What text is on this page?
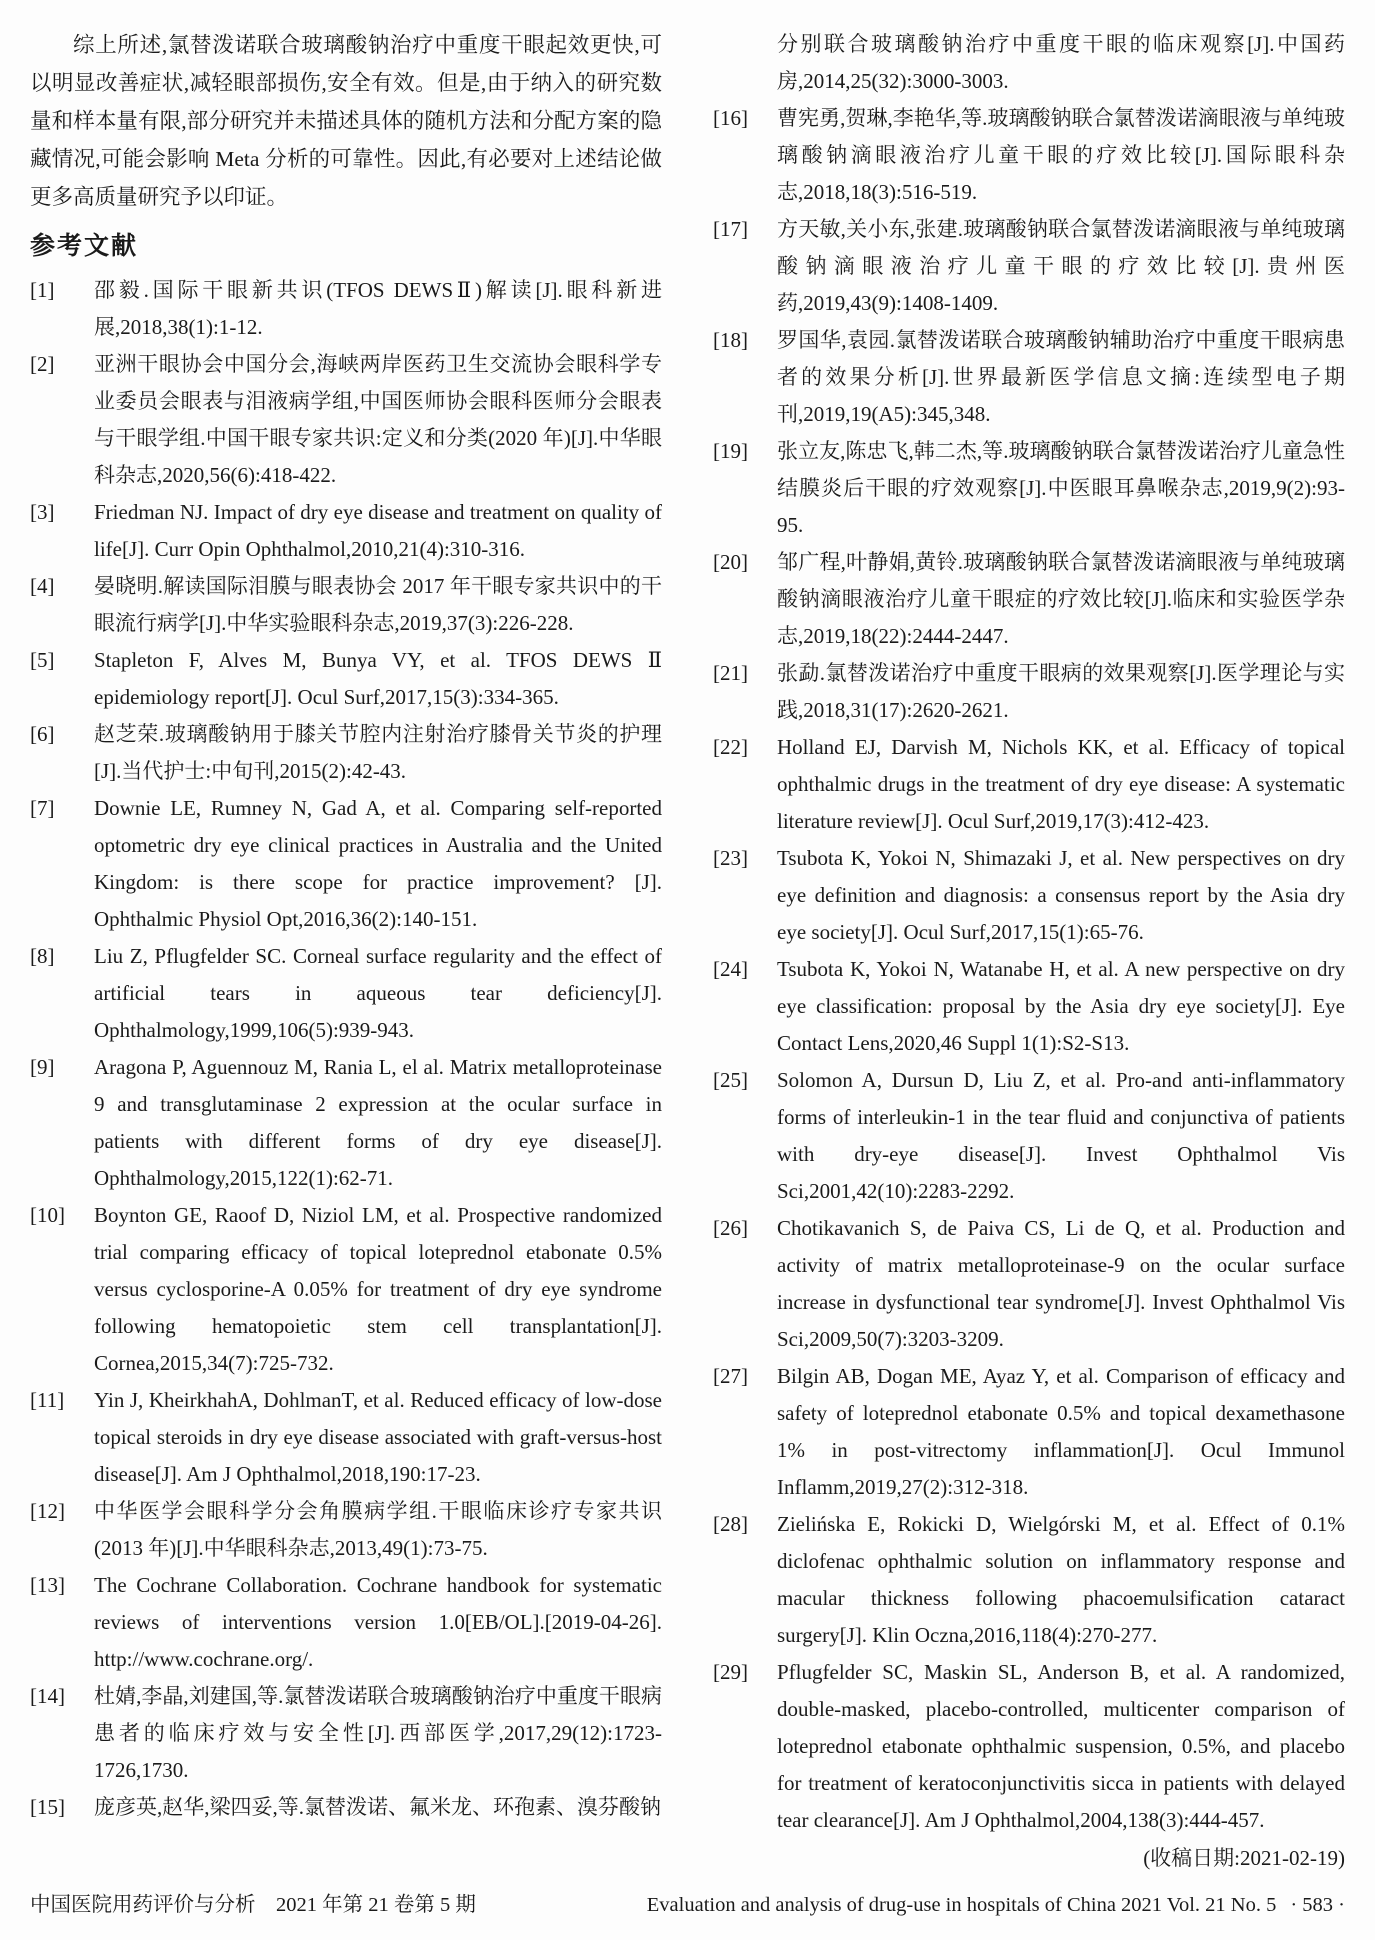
综上所述,氯替泼诺联合玻璃酸钠治疗中重度干眼起效更快,可以明显改善症状,减轻眼部损伤,安全有效。但是,由于纳入的研究数量和样本量有限,部分研究并未描述具体的随机方法和分配方案的隐藏情况,可能会影响 Meta 分析的可靠性。因此,有必要对上述结论做更多高质量研究予以印证。

参考文献
[1]	邵毅.国际干眼新共识(TFOS DEWSⅡ)解读[J].眼科新进展,2018,38(1):1-12.
[2]	亚洲干眼协会中国分会,海峡两岸医药卫生交流协会眼科学专业委员会眼表与泪液病学组,中国医师协会眼科医师分会眼表与干眼学组.中国干眼专家共识:定义和分类(2020 年)[J].中华眼科杂志,2020,56(6):418-422.
[3]	Friedman NJ. Impact of dry eye disease and treatment on quality of life[J]. Curr Opin Ophthalmol,2010,21(4):310-316.
[4]	晏晓明.解读国际泪膜与眼表协会 2017 年干眼专家共识中的干眼流行病学[J].中华实验眼科杂志,2019,37(3):226-228.
[5]	Stapleton F, Alves M, Bunya VY, et al. TFOS DEWS Ⅱ epidemiology report[J]. Ocul Surf,2017,15(3):334-365.
[6]	赵芝荣.玻璃酸钠用于膝关节腔内注射治疗膝骨关节炎的护理[J].当代护士:中旬刊,2015(2):42-43.
[7]	Downie LE, Rumney N, Gad A, et al. Comparing self-reported optometric dry eye clinical practices in Australia and the United Kingdom: is there scope for practice improvement? [J]. Ophthalmic Physiol Opt,2016,36(2):140-151.
[8]	Liu Z, Pflugfelder SC. Corneal surface regularity and the effect of artificial tears in aqueous tear deficiency[J]. Ophthalmology,1999,106(5):939-943.
[9]	Aragona P, Aguennouz M, Rania L, el al. Matrix metalloproteinase 9 and transglutaminase 2 expression at the ocular surface in patients with different forms of dry eye disease[J]. Ophthalmology,2015,122(1):62-71.
[10]	Boynton GE, Raoof D, Niziol LM, et al. Prospective randomized trial comparing efficacy of topical loteprednol etabonate 0.5% versus cyclosporine-A 0.05% for treatment of dry eye syndrome following hematopoietic stem cell transplantation[J]. Cornea,2015,34(7):725-732.
[11]	Yin J, KheirkhahA, DohlmanT, et al. Reduced efficacy of low-dose topical steroids in dry eye disease associated with graft-versus-host disease[J]. Am J Ophthalmol,2018,190:17-23.
[12]	中华医学会眼科学分会角膜病学组.干眼临床诊疗专家共识(2013 年)[J].中华眼科杂志,2013,49(1):73-75.
[13]	The Cochrane Collaboration. Cochrane handbook for systematic reviews of interventions version 1.0[EB/OL].[2019-04-26]. http://www.cochrane.org/.
[14]	杜婧,李晶,刘建国,等.氯替泼诺联合玻璃酸钠治疗中重度干眼病患者的临床疗效与安全性[J].西部医学,2017,29(12):1723-1726,1730.
[15]	庞彦英,赵华,梁四妥,等.氯替泼诺、氟米龙、环孢素、溴芬酸钠
分别联合玻璃酸钠治疗中重度干眼的临床观察[J].中国药房,2014,25(32):3000-3003.
[16]	曹宪勇,贺琳,李艳华,等.玻璃酸钠联合氯替泼诺滴眼液与单纯玻璃酸钠滴眼液治疗儿童干眼的疗效比较[J].国际眼科杂志,2018,18(3):516-519.
[17]	方天敏,关小东,张建.玻璃酸钠联合氯替泼诺滴眼液与单纯玻璃酸钠滴眼液治疗儿童干眼的疗效比较[J].贵州医药,2019,43(9):1408-1409.
[18]	罗国华,袁园.氯替泼诺联合玻璃酸钠辅助治疗中重度干眼病患者的效果分析[J].世界最新医学信息文摘:连续型电子期刊,2019,19(A5):345,348.
[19]	张立友,陈忠飞,韩二杰,等.玻璃酸钠联合氯替泼诺治疗儿童急性结膜炎后干眼的疗效观察[J].中医眼耳鼻喉杂志,2019,9(2):93-95.
[20]	邹广程,叶静娟,黄铃.玻璃酸钠联合氯替泼诺滴眼液与单纯玻璃酸钠滴眼液治疗儿童干眼症的疗效比较[J].临床和实验医学杂志,2019,18(22):2444-2447.
[21]	张勐.氯替泼诺治疗中重度干眼病的效果观察[J].医学理论与实践,2018,31(17):2620-2621.
[22]	Holland EJ, Darvish M, Nichols KK, et al. Efficacy of topical ophthalmic drugs in the treatment of dry eye disease: A systematic literature review[J]. Ocul Surf,2019,17(3):412-423.
[23]	Tsubota K, Yokoi N, Shimazaki J, et al. New perspectives on dry eye definition and diagnosis: a consensus report by the Asia dry eye society[J]. Ocul Surf,2017,15(1):65-76.
[24]	Tsubota K, Yokoi N, Watanabe H, et al. A new perspective on dry eye classification: proposal by the Asia dry eye society[J]. Eye Contact Lens,2020,46 Suppl 1(1):S2-S13.
[25]	Solomon A, Dursun D, Liu Z, et al. Pro-and anti-inflammatory forms of interleukin-1 in the tear fluid and conjunctiva of patients with dry-eye disease[J]. Invest Ophthalmol Vis Sci,2001,42(10):2283-2292.
[26]	Chotikavanich S, de Paiva CS, Li de Q, et al. Production and activity of matrix metalloproteinase-9 on the ocular surface increase in dysfunctional tear syndrome[J]. Invest Ophthalmol Vis Sci,2009,50(7):3203-3209.
[27]	Bilgin AB, Dogan ME, Ayaz Y, et al. Comparison of efficacy and safety of loteprednol etabonate 0.5% and topical dexamethasone 1% in post-vitrectomy inflammation[J]. Ocul Immunol Inflamm,2019,27(2):312-318.
[28]	Zielińska E, Rokicki D, Wielgórski M, et al. Effect of 0.1% diclofenac ophthalmic solution on inflammatory response and macular thickness following phacoemulsification cataract surgery[J]. Klin Oczna,2016,118(4):270-277.
[29]	Pflugfelder SC, Maskin SL, Anderson B, et al. A randomized, double-masked, placebo-controlled, multicenter comparison of loteprednol etabonate ophthalmic suspension, 0.5%, and placebo for treatment of keratoconjunctivitis sicca in patients with delayed tear clearance[J]. Am J Ophthalmol,2004,138(3):444-457.

(收稿日期:2021-02-19)

中国医院用药评价与分析　2021 年第 21 卷第 5 期	Evaluation and analysis of drug-use in hospitals of China 2021 Vol. 21 No. 5 · 583 ·
